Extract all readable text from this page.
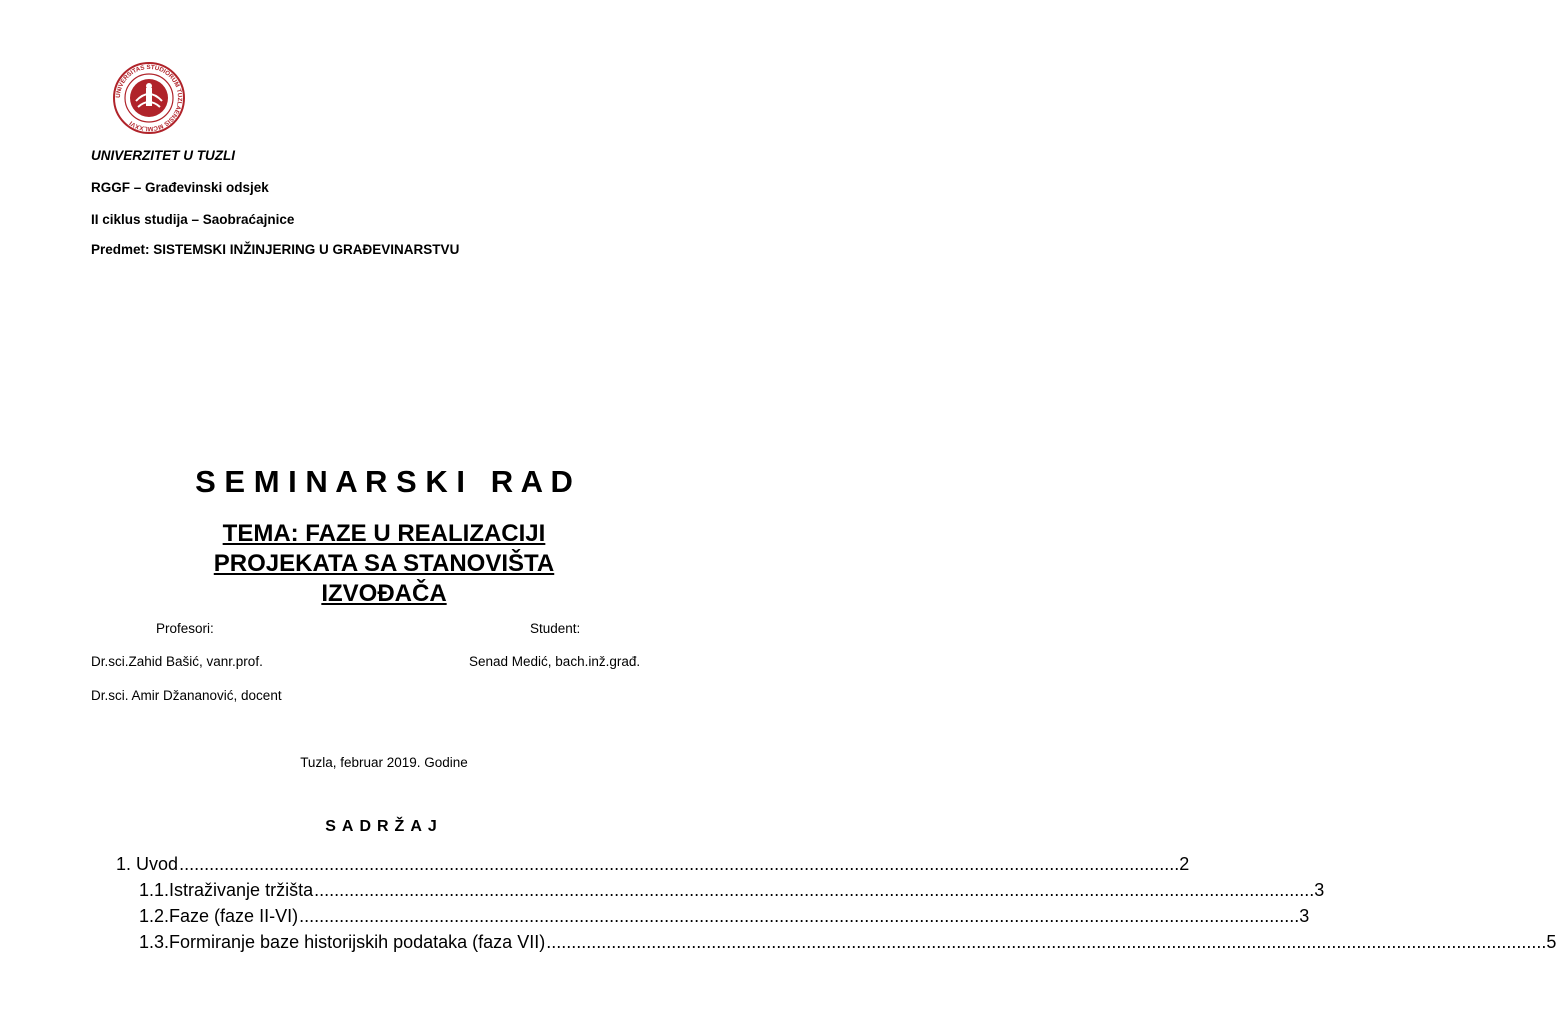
UNIVERSITAS STUDIORUM TUZLAENSIS MCMLXXVI
UNIVERZITET U TUZLI
RGGF – Građevinski odsjek
II ciklus studija – Saobraćajnice
Predmet: SISTEMSKI INŽINJERING U GRAĐEVINARSTVU
S E M I N A R S K I   R A D
TEMA: FAZE U REALIZACIJI
PROJEKATA SA STANOVIŠTA
IZVOĐAČA
Profesori:	Student:
Dr.sci.Zahid Bašić, vanr.prof.
Dr.sci. Amir Džananović, docent
Senad Medić, bach.inž.građ.
Tuzla, februar 2019. Godine
SADRŽAJ
1.
Uvod ........................................................................................................................................................................................................ 2
1.1. Istraživanje tržišta ........................................................................................................................................................................................................ 3
1.2. Faze (faze II-VI) ........................................................................................................................................................................................................ 3
1.3. Formiranje baze historijskih podataka (faza VII) ........................................................................................................................................................................................................ 5
